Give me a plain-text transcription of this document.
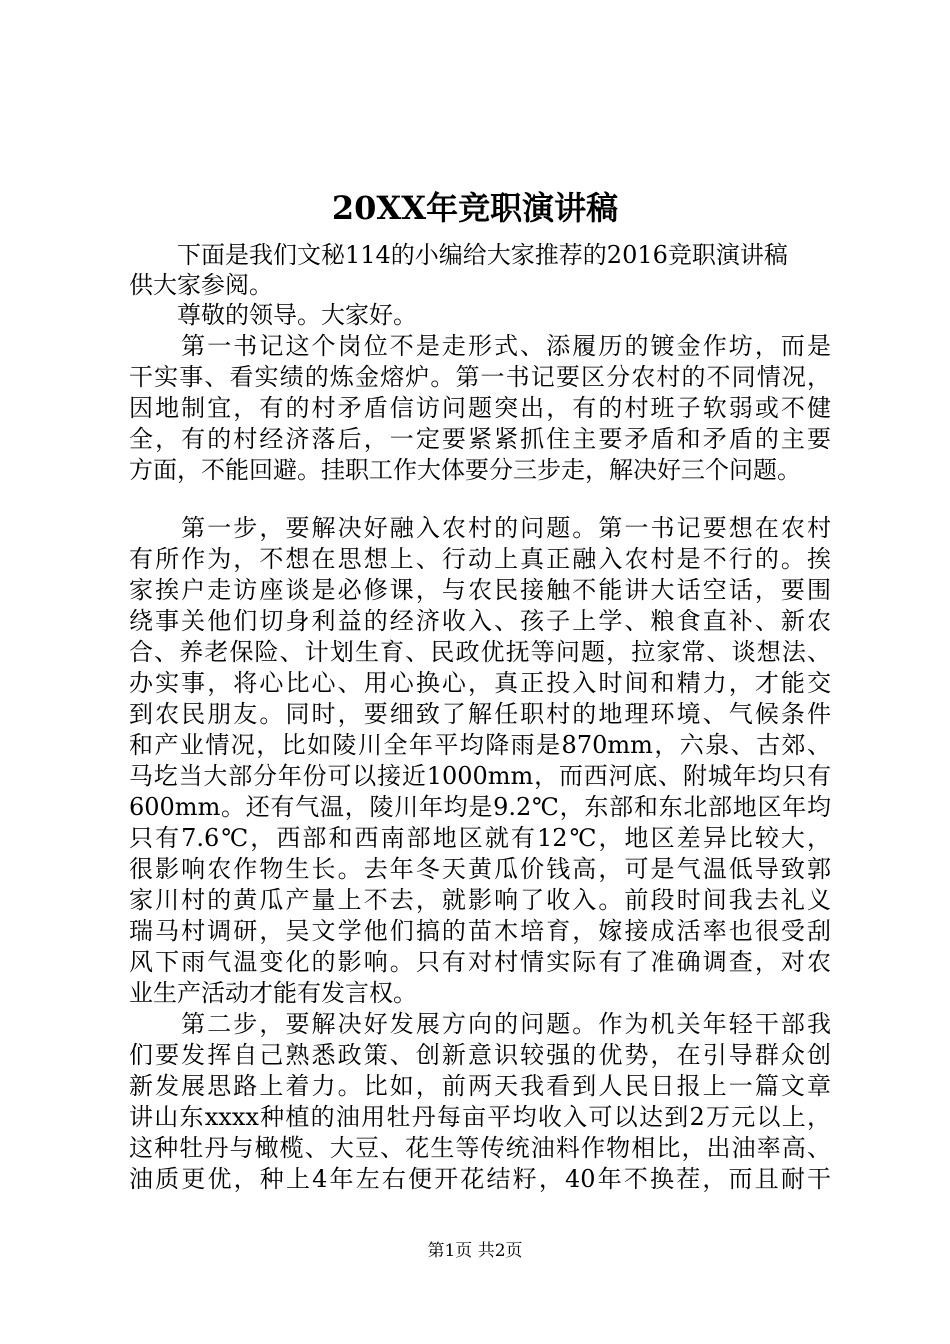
20XX年竞职演讲稿
　　下面是我们文秘114的小编给大家推荐的2016竞职演讲稿
供大家参阅。
　　尊敬的领导。大家好。
　　第一书记这个岗位不是走形式、添履历的镀金作坊，而是
干实事、看实绩的炼金熔炉。第一书记要区分农村的不同情况，
因地制宜，有的村矛盾信访问题突出，有的村班子软弱或不健
全，有的村经济落后，一定要紧紧抓住主要矛盾和矛盾的主要
方面，不能回避。挂职工作大体要分三步走，解决好三个问题。
　　第一步，要解决好融入农村的问题。第一书记要想在农村
有所作为，不想在思想上、行动上真正融入农村是不行的。挨
家挨户走访座谈是必修课，与农民接触不能讲大话空话，要围
绕事关他们切身利益的经济收入、孩子上学、粮食直补、新农
合、养老保险、计划生育、民政优抚等问题，拉家常、谈想法、
办实事，将心比心、用心换心，真正投入时间和精力，才能交
到农民朋友。同时，要细致了解任职村的地理环境、气候条件
和产业情况，比如陵川全年平均降雨是870mm，六泉、古郊、
马圪当大部分年份可以接近1000mm，而西河底、附城年均只有
600mm。还有气温，陵川年均是9.2℃，东部和东北部地区年均
只有7.6℃，西部和西南部地区就有12℃，地区差异比较大，
很影响农作物生长。去年冬天黄瓜价钱高，可是气温低导致郭
家川村的黄瓜产量上不去，就影响了收入。前段时间我去礼义
瑞马村调研，吴文学他们搞的苗木培育，嫁接成活率也很受刮
风下雨气温变化的影响。只有对村情实际有了准确调查，对农
业生产活动才能有发言权。
　　第二步，要解决好发展方向的问题。作为机关年轻干部我
们要发挥自己熟悉政策、创新意识较强的优势，在引导群众创
新发展思路上着力。比如，前两天我看到人民日报上一篇文章
讲山东xxxx种植的油用牡丹每亩平均收入可以达到2万元以上，
这种牡丹与橄榄、大豆、花生等传统油料作物相比，出油率高、
油质更优，种上4年左右便开花结籽，40年不换茬，而且耐干
第1页 共2页
